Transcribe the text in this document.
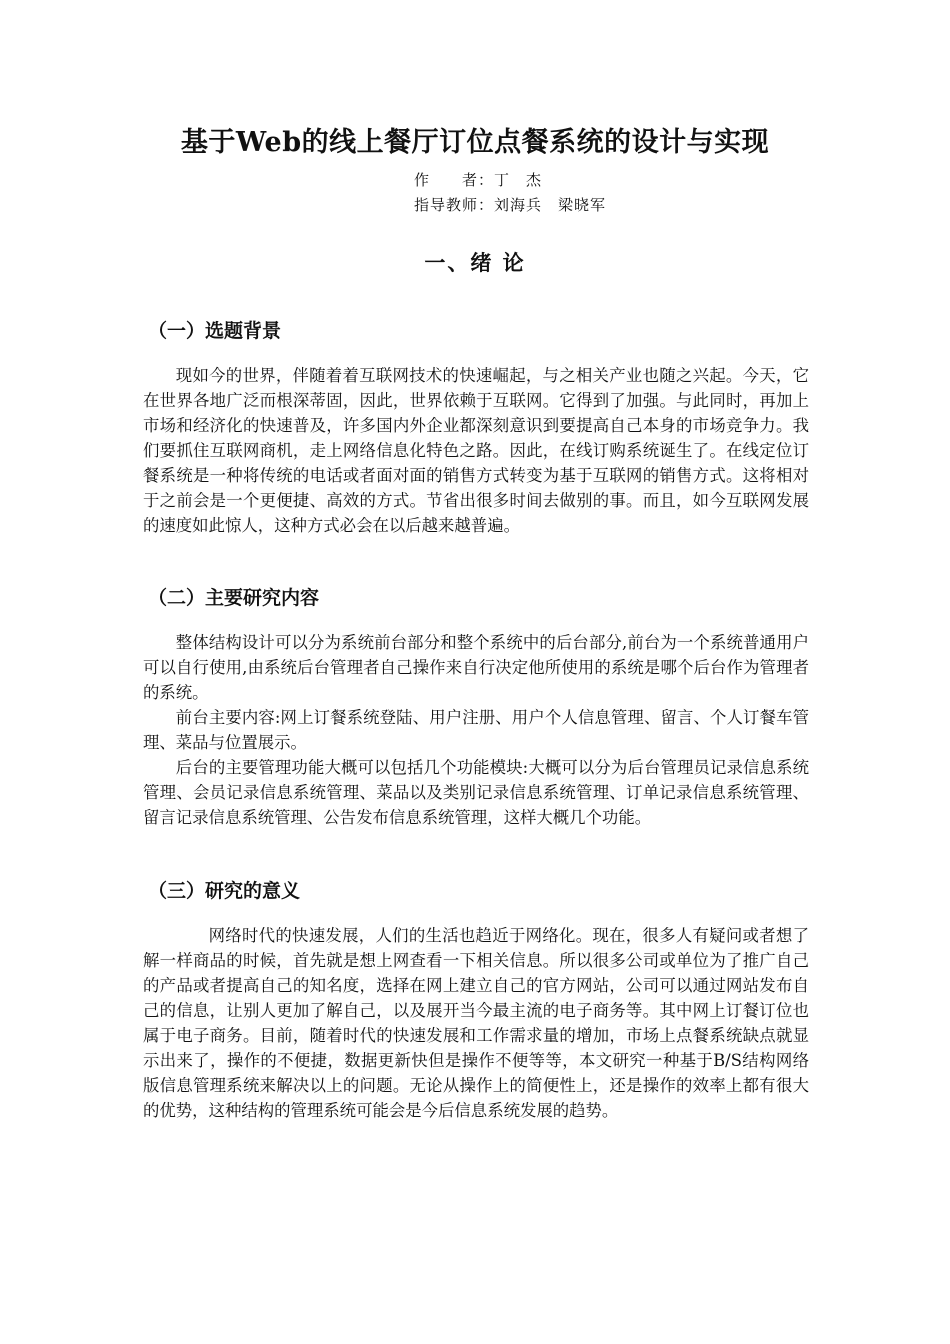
基于Web的线上餐厅订位点餐系统的设计与实现
作　　者：丁　杰
指导教师：刘海兵　梁晓军
一、绪 论
（一）选题背景

现如今的世界，伴随着着互联网技术的快速崛起，与之相关产业也随之兴起。今天，它在世界各地广泛而根深蒂固，因此，世界依赖于互联网。它得到了加强。与此同时，再加上市场和经济化的快速普及，许多国内外企业都深刻意识到要提高自己本身的市场竞争力。我们要抓住互联网商机，走上网络信息化特色之路。因此，在线订购系统诞生了。在线定位订餐系统是一种将传统的电话或者面对面的销售方式转变为基于互联网的销售方式。这将相对于之前会是一个更便捷、高效的方式。节省出很多时间去做别的事。而且，如今互联网发展的速度如此惊人，这种方式必会在以后越来越普遍。

（二）主要研究内容

整体结构设计可以分为系统前台部分和整个系统中的后台部分,前台为一个系统普通用户可以自行使用,由系统后台管理者自己操作来自行决定他所使用的系统是哪个后台作为管理者的系统。

前台主要内容:网上订餐系统登陆、用户注册、用户个人信息管理、留言、个人订餐车管理、菜品与位置展示。

后台的主要管理功能大概可以包括几个功能模块:大概可以分为后台管理员记录信息系统管理、会员记录信息系统管理、菜品以及类别记录信息系统管理、订单记录信息系统管理、留言记录信息系统管理、公告发布信息系统管理，这样大概几个功能。

（三）研究的意义

网络时代的快速发展，人们的生活也趋近于网络化。现在，很多人有疑问或者想了解一样商品的时候，首先就是想上网查看一下相关信息。所以很多公司或单位为了推广自己的产品或者提高自己的知名度，选择在网上建立自己的官方网站，公司可以通过网站发布自己的信息，让别人更加了解自己，以及展开当今最主流的电子商务等。其中网上订餐订位也属于电子商务。目前，随着时代的快速发展和工作需求量的增加，市场上点餐系统缺点就显示出来了，操作的不便捷，数据更新快但是操作不便等等，本文研究一种基于B/S结构网络版信息管理系统来解决以上的问题。无论从操作上的简便性上，还是操作的效率上都有很大的优势，这种结构的管理系统可能会是今后信息系统发展的趋势。
